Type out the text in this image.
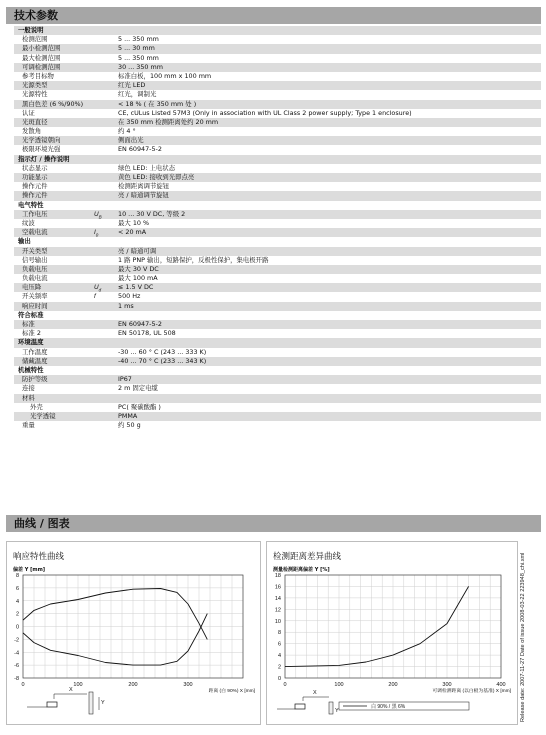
技术参数
一般说明
检测范围	5 ... 350 mm
最小检测范围	5 ... 30 mm
最大检测范围	5 ... 350 mm
可调检测范围	30 ... 350 mm
参考目标物	标准白板，100 mm x 100 mm
光源类型	红光 LED
光源特性	红光，调制光
黑白色差 (6 %/90%)	< 18 % ( 在 350 mm 处 )
认证	CE, cULus Listed 57M3 (Only in association with UL Class 2 power supply; Type 1 enclosure)
光斑直径	在 350 mm 检测距离处约 20 mm
发散角	约 4 °
光学透镜朝向	侧面出光
极限环境光强	EN 60947-5-2
指示灯 / 操作说明
状态显示	绿色 LED: 上电状态
功能显示	黄色 LED: 接收到光即点亮
操作元件	检测距离调节旋钮
操作元件	亮 / 暗通调节旋钮
电气特性
工作电压	$U_B$	10 ... 30 V DC, 等级 2
纹波	最大 10 %
空载电流	$I_0$	< 20 mA
输出
开关类型	亮 / 暗通可调
信号输出	1 路 PNP 输出，短路保护，反极性保护，集电极开路
负载电压	最大 30 V DC
负载电流	最大 100 mA
电压降	$U_d$	≤ 1.5 V DC
开关频率	f	500 Hz
响应时间	1 ms
符合标准
标准	EN 60947-5-2
标准 2	EN 50178, UL 508
环境温度
工作温度	-30 ... 60 ° C (243 ... 333 K)
储藏温度	-40 ... 70 ° C (233 ... 343 K)
机械特性
防护等级	IP67
连接	2 m 固定电缆
材料
外壳	PC( 聚碳酸酯 )
光学透镜	PMMA
重量	约 50 g
曲线 / 图表
响应特性曲线
偏差 Y [mm]
8
6
4
2
0
-2
-4
-6
-8
0	100	200	300
距离 (白 90%) X [mm]
X
Y
检测距离差异曲线
测量检测距离偏差 Y [%]
18
16
14
12
10
8
6
4
2
0
0	100	200	300	400
可调检测距离 (以白板为基准) X [mm]
X
Y
白 90% / 黑 6%	Release date: 2007-11-27 Date of issue 2008-03-22 223948_chi.xml
